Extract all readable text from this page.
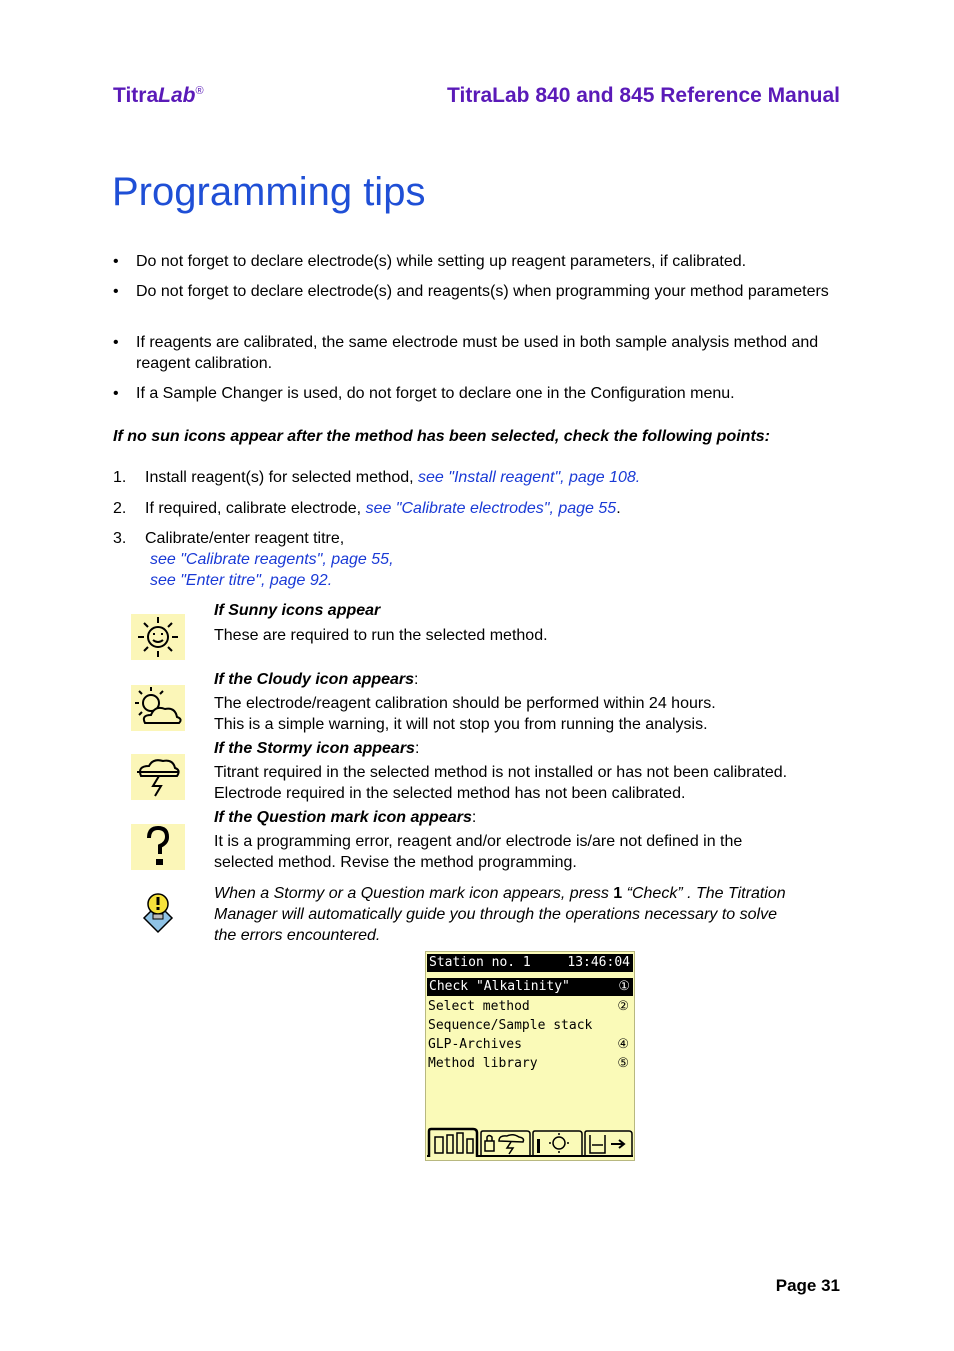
TitraLab®	TitraLab 840 and 845 Reference Manual
Programming tips
• Do not forget to declare electrode(s) while setting up reagent parameters, if calibrated.
• Do not forget to declare electrode(s) and reagents(s) when programming your method parameters
• If reagents are calibrated, the same electrode must be used in both sample analysis method and reagent calibration.
• If a Sample Changer is used, do not forget to declare one in the Configuration menu.
If no sun icons appear after the method has been selected, check the following points:
1. Install reagent(s) for selected method, see "Install reagent", page 108.
2. If required, calibrate electrode, see "Calibrate electrodes", page 55.
3. Calibrate/enter reagent titre,
see "Calibrate reagents", page 55,
see "Enter titre", page 92.
If Sunny icons appear
These are required to run the selected method.
If the Cloudy icon appears:
The electrode/reagent calibration should be performed within 24 hours.
This is a simple warning, it will not stop you from running the analysis.
If the Stormy icon appears:
Titrant required in the selected method is not installed or has not been calibrated.
Electrode required in the selected method has not been calibrated.
If the Question mark icon appears:
It is a programming error, reagent and/or electrode is/are not defined in the
selected method. Revise the method programming.
When a Stormy or a Question mark icon appears, press 1 “Check” . The Titration
Manager will automatically guide you through the operations necessary to solve
the errors encountered.
Station no. 1	13:46:04
Check "Alkalinity"	①
Select method	②
Sequence/Sample stack
GLP-Archives	④
Method library	⑤
Page 31
